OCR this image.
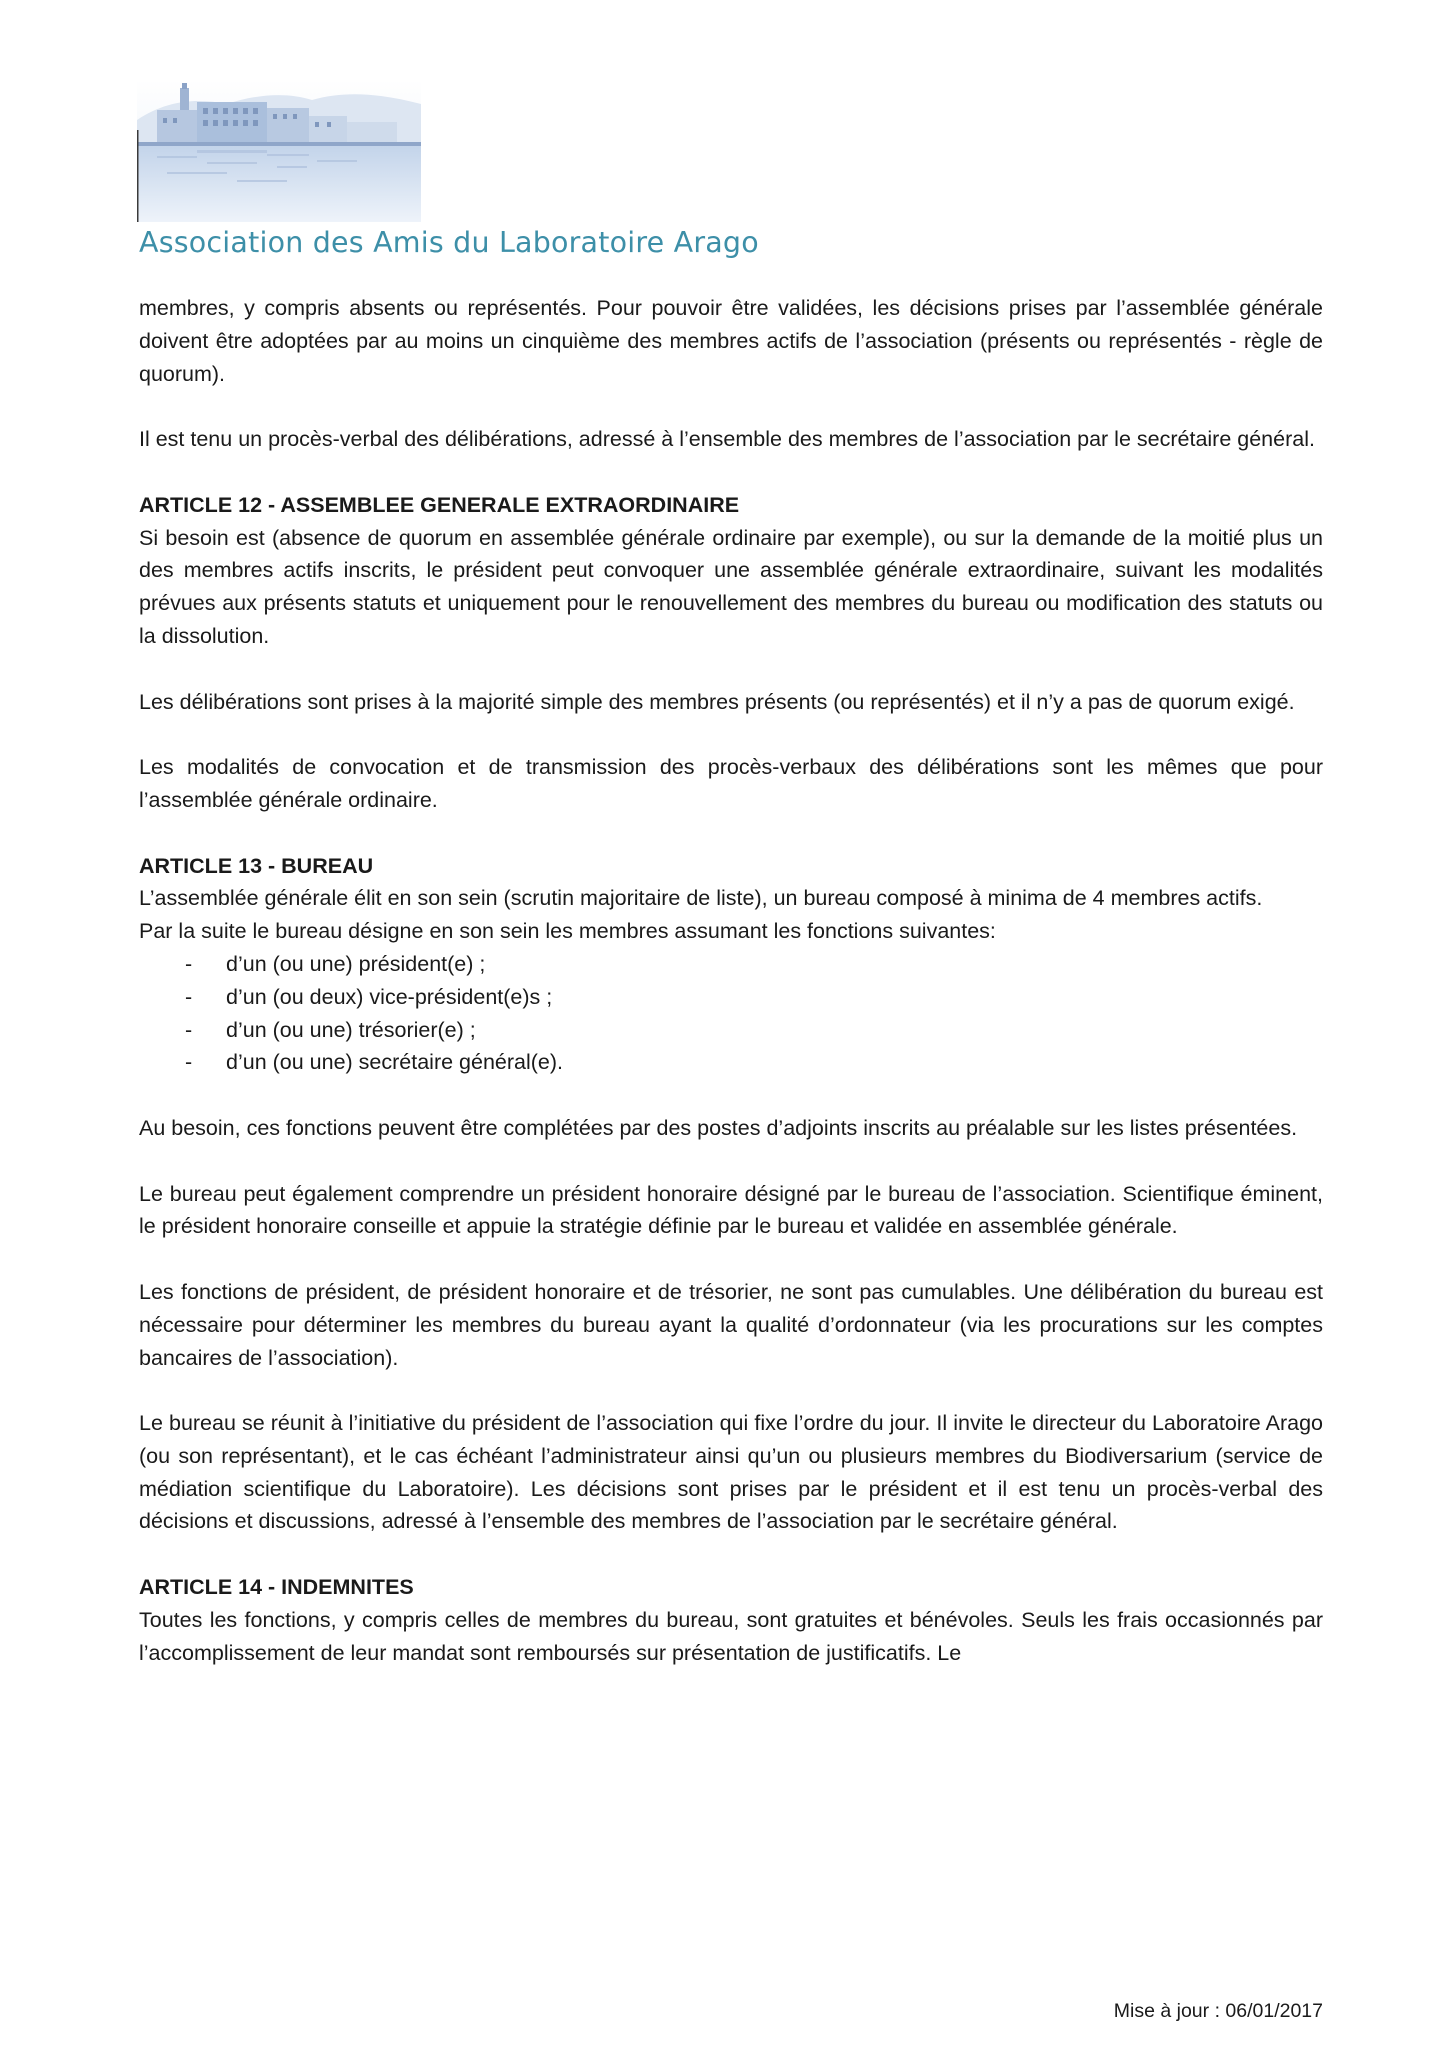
Association des Amis du Laboratoire Arago

membres, y compris absents ou représentés. Pour pouvoir être validées, les décisions prises par l’assemblée générale doivent être adoptées par au moins un cinquième des membres actifs de l’association (présents ou représentés - règle de quorum).

Il est tenu un procès-verbal des délibérations, adressé à l’ensemble des membres de l’association par le secrétaire général.

ARTICLE 12 - ASSEMBLEE GENERALE EXTRAORDINAIRE

Si besoin est (absence de quorum en assemblée générale ordinaire par exemple), ou sur la demande de la moitié plus un des membres actifs inscrits, le président peut convoquer une assemblée générale extraordinaire, suivant les modalités prévues aux présents statuts et uniquement pour le renouvellement des membres du bureau ou modification des statuts ou la dissolution.

Les délibérations sont prises à la majorité simple des membres présents (ou représentés) et il n’y a pas de quorum exigé.

Les modalités de convocation et de transmission des procès-verbaux des délibérations sont les mêmes que pour l’assemblée générale ordinaire.

ARTICLE 13 - BUREAU

L’assemblée générale élit en son sein (scrutin majoritaire de liste), un bureau composé à minima de 4 membres actifs.

Par la suite le bureau désigne en son sein les membres assumant les fonctions suivantes:

- d’un (ou une) président(e) ;
- d’un (ou deux) vice-président(e)s ;
- d’un (ou une) trésorier(e) ;
- d’un (ou une) secrétaire général(e).

Au besoin, ces fonctions peuvent être complétées par des postes d’adjoints inscrits au préalable sur les listes présentées.

Le bureau peut également comprendre un président honoraire désigné par le bureau de l’association. Scientifique éminent, le président honoraire conseille et appuie la stratégie définie par le bureau et validée en assemblée générale.

Les fonctions de président, de président honoraire et de trésorier, ne sont pas cumulables. Une délibération du bureau est nécessaire pour déterminer les membres du bureau ayant la qualité d’ordonnateur (via les procurations sur les comptes bancaires de l’association).

Le bureau se réunit à l’initiative du président de l’association qui fixe l’ordre du jour. Il invite le directeur du Laboratoire Arago (ou son représentant), et le cas échéant l’administrateur ainsi qu’un ou plusieurs membres du Biodiversarium (service de médiation scientifique du Laboratoire). Les décisions sont prises par le président et il est tenu un procès-verbal des décisions et discussions, adressé à l’ensemble des membres de l’association par le secrétaire général.

ARTICLE 14 - INDEMNITES

Toutes les fonctions, y compris celles de membres du bureau, sont gratuites et bénévoles. Seuls les frais occasionnés par l’accomplissement de leur mandat sont remboursés sur présentation de justificatifs. Le

Mise à jour : 06/01/2017
